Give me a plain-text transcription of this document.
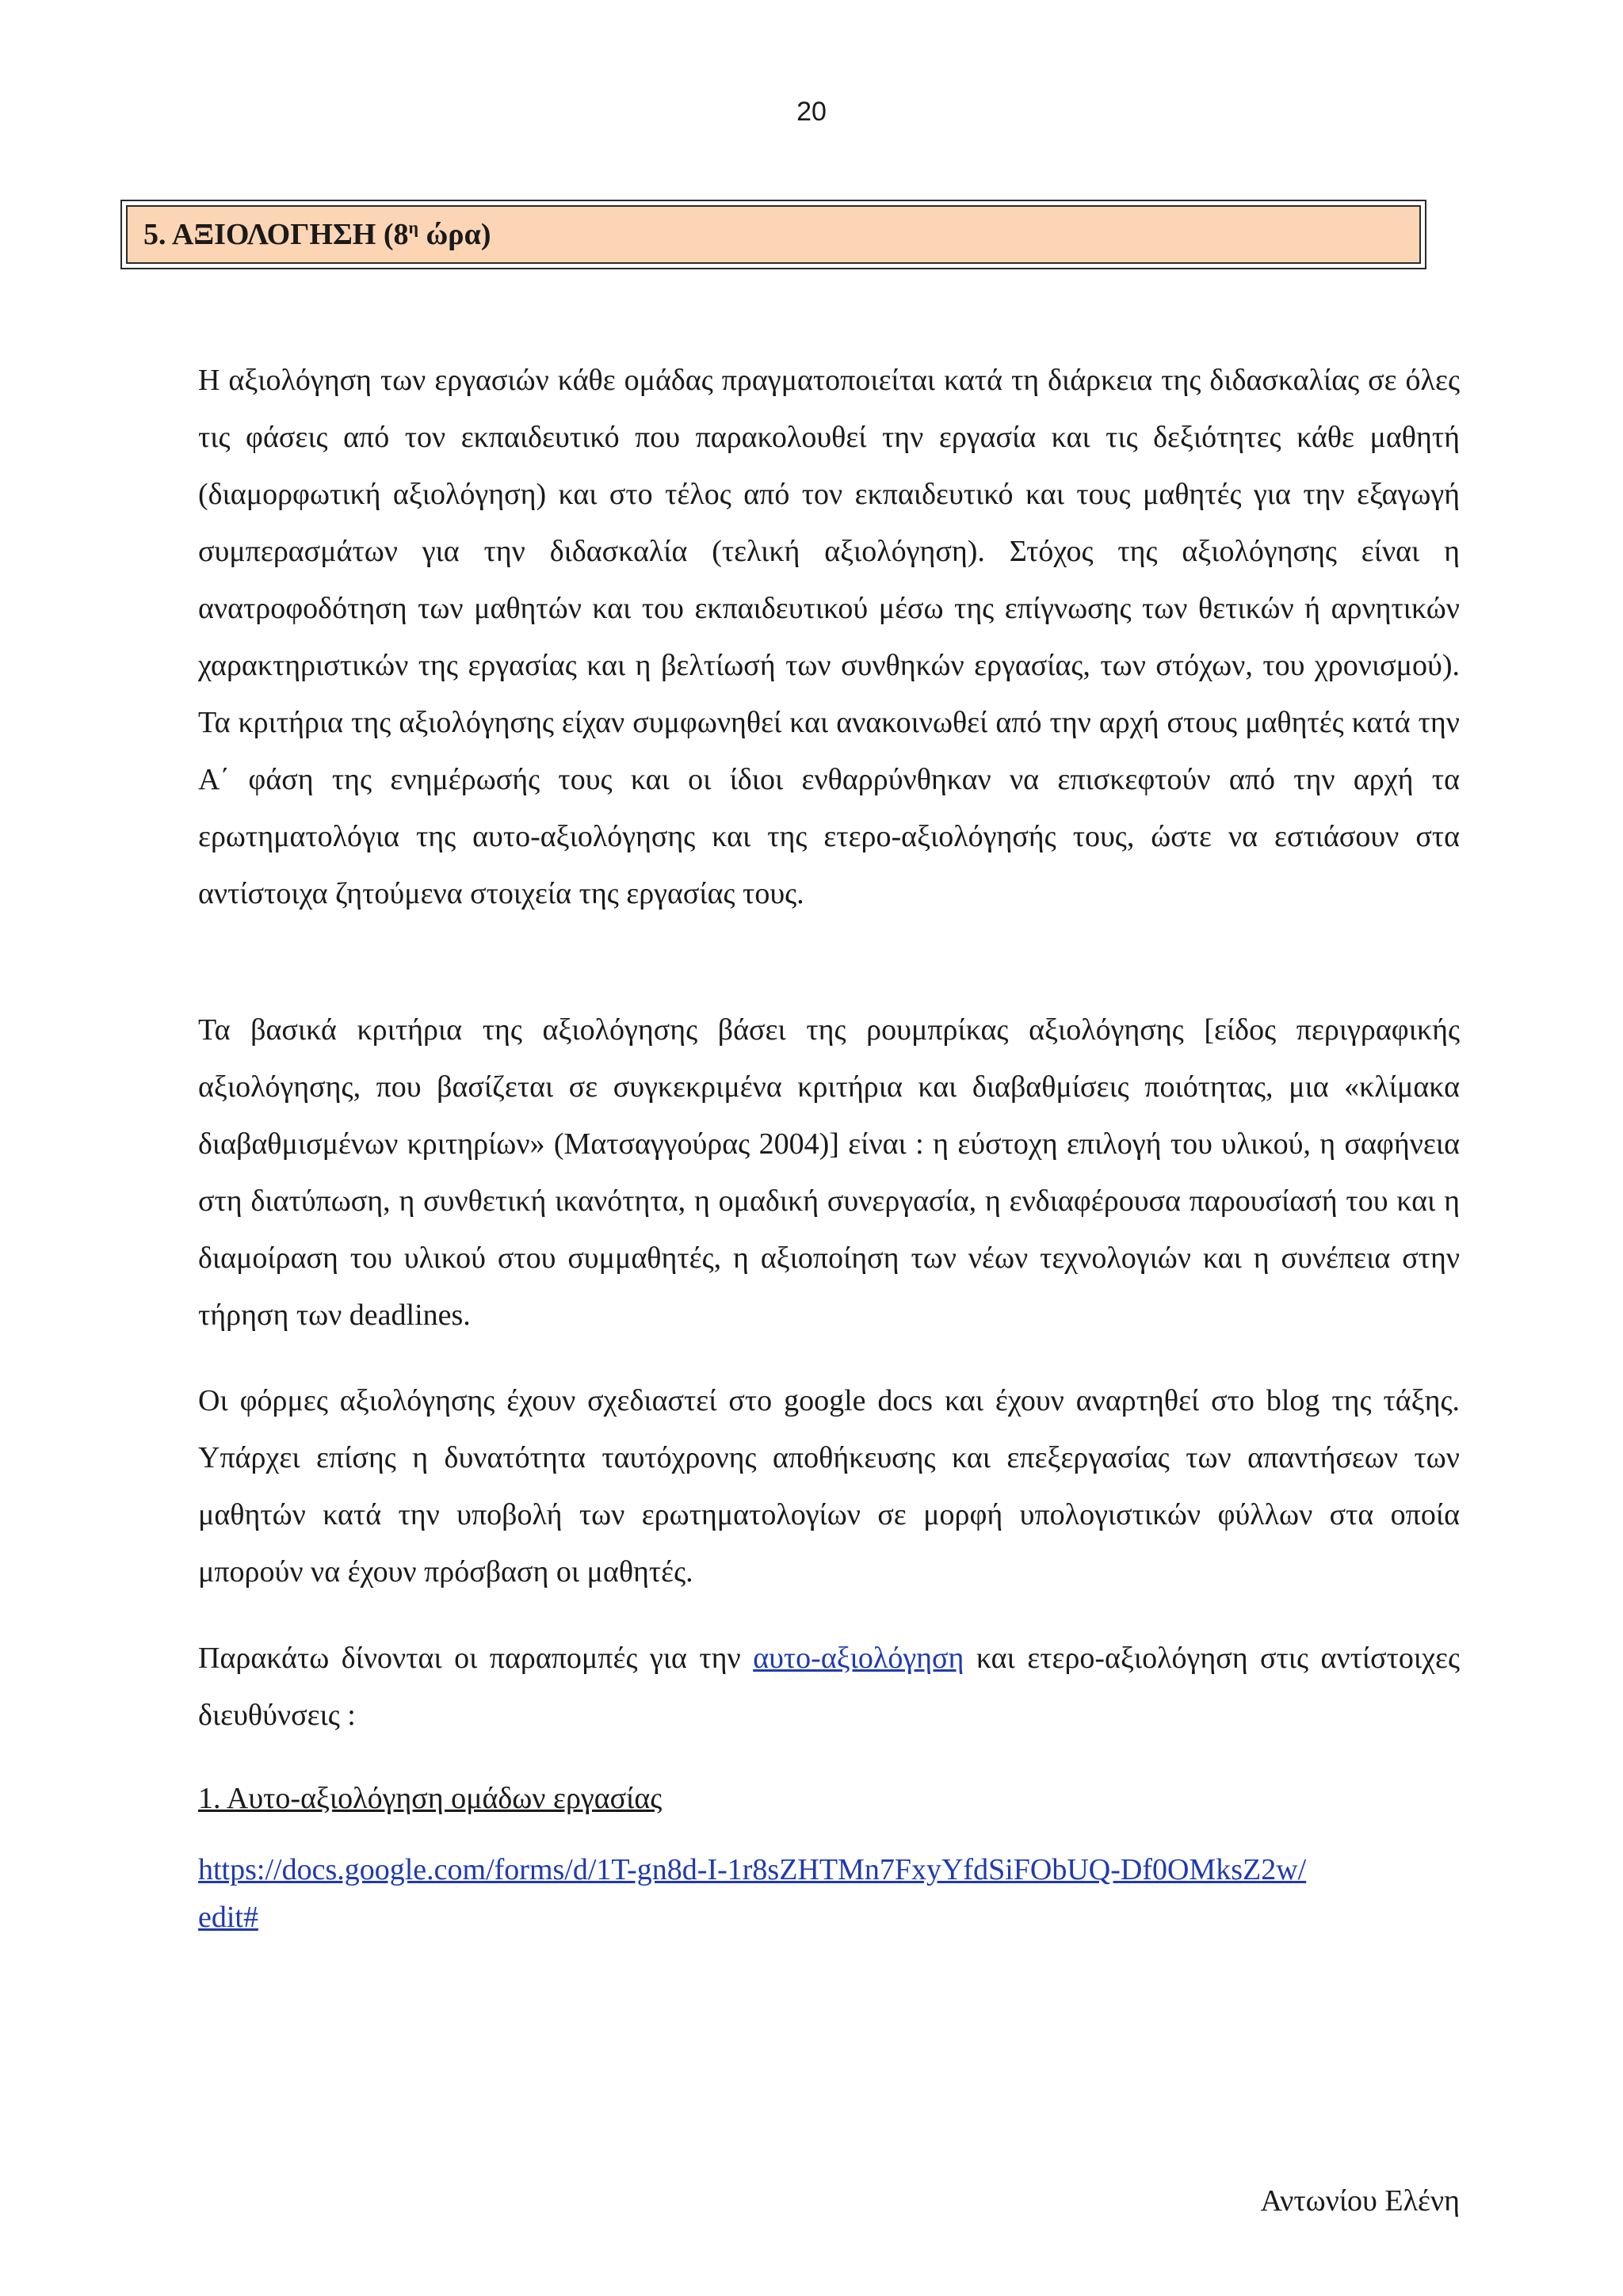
20
5. ΑΞΙΟΛΟΓΗΣΗ ($8^\eta$ ώρα)

Η αξιολόγηση των εργασιών κάθε ομάδας πραγματοποιείται κατά τη διάρκεια της διδασκαλίας σε όλες τις φάσεις από τον εκπαιδευτικό που παρακολουθεί την εργασία και τις δεξιότητες κάθε μαθητή (διαμορφωτική αξιολόγηση) και στο τέλος από τον εκπαιδευτικό και τους μαθητές για την εξαγωγή συμπερασμάτων για την διδασκαλία (τελική αξιολόγηση). Στόχος της αξιολόγησης είναι η ανατροφοδότηση των μαθητών και του εκπαιδευτικού μέσω της επίγνωσης των θετικών ή αρνητικών χαρακτηριστικών της εργασίας και η βελτίωσή των συνθηκών εργασίας, των στόχων, του χρονισμού). Τα κριτήρια της αξιολόγησης είχαν συμφωνηθεί και ανακοινωθεί από την αρχή στους μαθητές κατά την Α΄ φάση της ενημέρωσής τους και οι ίδιοι ενθαρρύνθηκαν να επισκεφτούν από την αρχή τα ερωτηματολόγια της αυτο-αξιολόγησης και της ετερο-αξιολόγησής τους, ώστε να εστιάσουν στα αντίστοιχα ζητούμενα στοιχεία της εργασίας τους.

Τα βασικά κριτήρια της αξιολόγησης βάσει της ρουμπρίκας αξιολόγησης [είδος περιγραφικής αξιολόγησης, που βασίζεται σε συγκεκριμένα κριτήρια και διαβαθμίσεις ποιότητας, μια «κλίμακα διαβαθμισμένων κριτηρίων» (Ματσαγγούρας 2004)] είναι : η εύστοχη επιλογή του υλικού, η σαφήνεια στη διατύπωση, η συνθετική ικανότητα, η ομαδική συνεργασία, η ενδιαφέρουσα παρουσίασή του και η διαμοίραση του υλικού στου συμμαθητές, η αξιοποίηση των νέων τεχνολογιών και η συνέπεια στην τήρηση των deadlines.

Οι φόρμες αξιολόγησης έχουν σχεδιαστεί στο google docs και έχουν αναρτηθεί στο blog της τάξης. Υπάρχει επίσης η δυνατότητα ταυτόχρονης αποθήκευσης και επεξεργασίας των απαντήσεων των μαθητών κατά την υποβολή των ερωτηματολογίων σε μορφή υπολογιστικών φύλλων στα οποία μπορούν να έχουν πρόσβαση οι μαθητές.

Παρακάτω δίνονται οι παραπομπές για την αυτο-αξιολόγηση και ετερο-αξιολόγηση στις αντίστοιχες διευθύνσεις :

1. Αυτο-αξιολόγηση ομάδων εργασίας

https://docs.google.com/forms/d/1T-gn8d-I-1r8sZHTMn7FxyYfdSiFObUQ-Df0OMksZ2w/edit#

Αντωνίου Ελένη
